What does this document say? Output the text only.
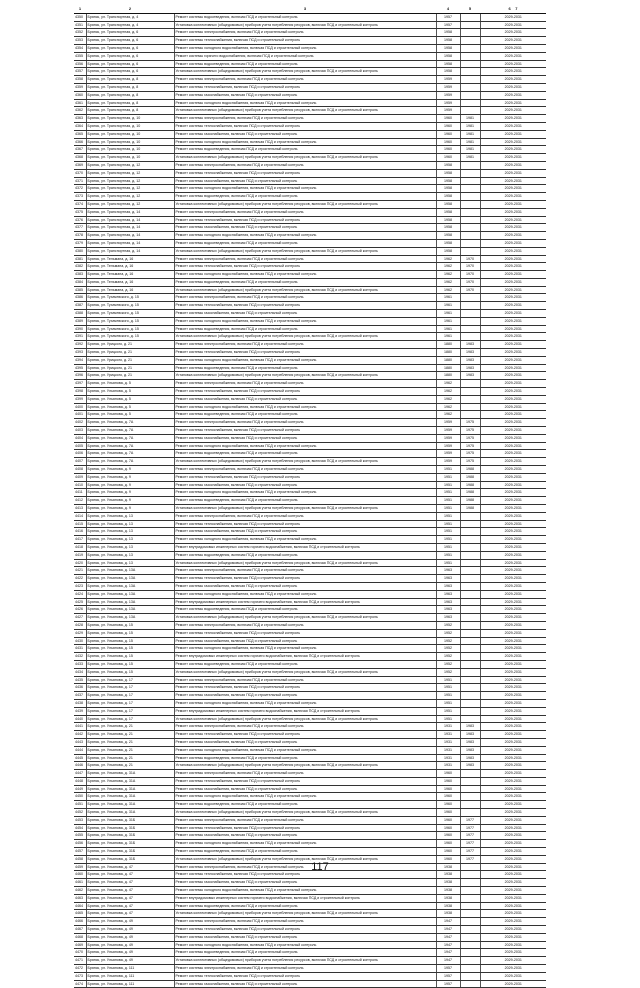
1	2	3	4	5	6 7
4350	Брянск, ул. Транспортная, д. 4	Ремонт системы водоотведения, включая ПСД и строительный контроль	1957		2029-2031
4351	Брянск, ул. Транспортная, д. 4	Установка коллективных (общедомовых) приборов учета потребления ресурсов, включая ПСД и строительный контроль	1957		2029-2031
4352	Брянск, ул. Транспортная, д. 6	Ремонт системы электроснабжения, включая ПСД и строительный контроль	1958		2029-2031
4353	Брянск, ул. Транспортная, д. 6	Ремонт системы теплоснабжения, включая ПСД и строительный контроль	1958		2029-2031
4354	Брянск, ул. Транспортная, д. 6	Ремонт системы холодного водоснабжения, включая ПСД и строительный контроль	1958		2029-2031
4355	Брянск, ул. Транспортная, д. 6	Ремонт системы горячего водоснабжения, включая ПСД и строительный контроль	1958		2029-2031
4356	Брянск, ул. Транспортная, д. 6	Ремонт системы водоотведения, включая ПСД и строительный контроль	1958		2029-2031
4357	Брянск, ул. Транспортная, д. 6	Установка коллективных (общедомовых) приборов учета потребления ресурсов, включая ПСД и строительный контроль	1958		2029-2031
4358	Брянск, ул. Транспортная, д. 8	Ремонт системы электроснабжения, включая ПСД и строительный контроль	1959		2029-2031
4359	Брянск, ул. Транспортная, д. 8	Ремонт системы теплоснабжения, включая ПСД и строительный контроль	1959		2029-2031
4360	Брянск, ул. Транспортная, д. 8	Ремонт системы газоснабжения, включая ПСД и строительный контроль	1959		2029-2031
4361	Брянск, ул. Транспортная, д. 8	Ремонт системы холодного водоснабжения, включая ПСД и строительный контроль	1959		2029-2031
4362	Брянск, ул. Транспортная, д. 8	Установка коллективных (общедомовых) приборов учета потребления ресурсов, включая ПСД и строительный контроль	1959		2029-2031
4363	Брянск, ул. Транспортная, д. 10	Ремонт системы электроснабжения, включая ПСД и строительный контроль	1960	1981	2029-2031
4364	Брянск, ул. Транспортная, д. 10	Ремонт системы теплоснабжения, включая ПСД и строительный контроль	1960	1981	2029-2031
4365	Брянск, ул. Транспортная, д. 10	Ремонт системы газоснабжения, включая ПСД и строительный контроль	1960	1981	2029-2031
4366	Брянск, ул. Транспортная, д. 10	Ремонт системы холодного водоснабжения, включая ПСД и строительный контроль	1960	1981	2029-2031
4367	Брянск, ул. Транспортная, д. 10	Ремонт системы водоотведения, включая ПСД и строительный контроль	1960	1981	2029-2031
4368	Брянск, ул. Транспортная, д. 10	Установка коллективных (общедомовых) приборов учета потребления ресурсов, включая ПСД и строительный контроль	1960	1981	2029-2031
4369	Брянск, ул. Транспортная, д. 12	Ремонт системы электроснабжения, включая ПСД и строительный контроль	1958		2029-2031
4370	Брянск, ул. Транспортная, д. 12	Ремонт системы теплоснабжения, включая ПСД и строительный контроль	1958		2029-2031
4371	Брянск, ул. Транспортная, д. 12	Ремонт системы газоснабжения, включая ПСД и строительный контроль	1958		2029-2031
4372	Брянск, ул. Транспортная, д. 12	Ремонт системы холодного водоснабжения, включая ПСД и строительный контроль	1958		2029-2031
4373	Брянск, ул. Транспортная, д. 12	Ремонт системы водоотведения, включая ПСД и строительный контроль	1958		2029-2031
4374	Брянск, ул. Транспортная, д. 12	Установка коллективных (общедомовых) приборов учета потребления ресурсов, включая ПСД и строительный контроль	1958		2029-2031
4375	Брянск, ул. Транспортная, д. 14	Ремонт системы электроснабжения, включая ПСД и строительный контроль	1958		2029-2031
4376	Брянск, ул. Транспортная, д. 14	Ремонт системы теплоснабжения, включая ПСД и строительный контроль	1958		2029-2031
4377	Брянск, ул. Транспортная, д. 14	Ремонт системы газоснабжения, включая ПСД и строительный контроль	1958		2029-2031
4378	Брянск, ул. Транспортная, д. 14	Ремонт системы холодного водоснабжения, включая ПСД и строительный контроль	1958		2029-2031
4379	Брянск, ул. Транспортная, д. 14	Ремонт системы водоотведения, включая ПСД и строительный контроль	1958		2029-2031
4380	Брянск, ул. Транспортная, д. 14	Установка коллективных (общедомовых) приборов учета потребления ресурсов, включая ПСД и строительный контроль	1958		2029-2031
4381	Брянск, ул. Тельмана, д. 16	Ремонт системы электроснабжения, включая ПСД и строительный контроль	1962	1970	2029-2031
4382	Брянск, ул. Тельмана, д. 16	Ремонт системы теплоснабжения, включая ПСД и строительный контроль	1962	1970	2029-2031
4383	Брянск, ул. Тельмана, д. 16	Ремонт системы холодного водоснабжения, включая ПСД и строительный контроль	1962	1970	2029-2031
4384	Брянск, ул. Тельмана, д. 16	Ремонт системы водоотведения, включая ПСД и строительный контроль	1962	1970	2029-2031
4385	Брянск, ул. Тельмана, д. 16	Установка коллективных (общедомовых) приборов учета потребления ресурсов, включая ПСД и строительный контроль	1962	1970	2029-2031
4386	Брянск, ул. Тухачевского, д. 15	Ремонт системы электроснабжения, включая ПСД и строительный контроль	1961		2029-2031
4387	Брянск, ул. Тухачевского, д. 15	Ремонт системы теплоснабжения, включая ПСД и строительный контроль	1961		2029-2031
4388	Брянск, ул. Тухачевского, д. 15	Ремонт системы газоснабжения, включая ПСД и строительный контроль	1961		2029-2031
4389	Брянск, ул. Тухачевского, д. 15	Ремонт системы холодного водоснабжения, включая ПСД и строительный контроль	1961		2029-2031
4390	Брянск, ул. Тухачевского, д. 15	Ремонт системы водоотведения, включая ПСД и строительный контроль	1961		2029-2031
4391	Брянск, ул. Тухачевского, д. 15	Установка коллективных (общедомовых) приборов учета потребления ресурсов, включая ПСД и строительный контроль	1961		2029-2031
4392	Брянск, ул. Урицкого, д. 21	Ремонт системы электроснабжения, включая ПСД и строительный контроль	1880	1983	2029-2031
4393	Брянск, ул. Урицкого, д. 21	Ремонт системы теплоснабжения, включая ПСД и строительный контроль	1880	1983	2029-2031
4394	Брянск, ул. Урицкого, д. 21	Ремонт системы холодного водоснабжения, включая ПСД и строительный контроль	1880	1983	2029-2031
4395	Брянск, ул. Урицкого, д. 21	Ремонт системы водоотведения, включая ПСД и строительный контроль	1880	1983	2029-2031
4396	Брянск, ул. Урицкого, д. 21	Установка коллективных (общедомовых) приборов учета потребления ресурсов, включая ПСД и строительный контроль	1880	1983	2029-2031
4397	Брянск, ул. Ульянова, д. 5	Ремонт системы электроснабжения, включая ПСД и строительный контроль	1962		2029-2031
4398	Брянск, ул. Ульянова, д. 5	Ремонт системы теплоснабжения, включая ПСД и строительный контроль	1962		2029-2031
4399	Брянск, ул. Ульянова, д. 5	Ремонт системы газоснабжения, включая ПСД и строительный контроль	1962		2029-2031
4400	Брянск, ул. Ульянова, д. 5	Ремонт системы холодного водоснабжения, включая ПСД и строительный контроль	1962		2029-2031
4401	Брянск, ул. Ульянова, д. 5	Ремонт системы водоотведения, включая ПСД и строительный контроль	1962		2029-2031
4402	Брянск, ул. Ульянова, д. 7А	Ремонт системы электроснабжения, включая ПСД и строительный контроль	1959	1975	2029-2031
4403	Брянск, ул. Ульянова, д. 7А	Ремонт системы теплоснабжения, включая ПСД и строительный контроль	1959	1975	2029-2031
4404	Брянск, ул. Ульянова, д. 7А	Ремонт системы газоснабжения, включая ПСД и строительный контроль	1959	1975	2029-2031
4405	Брянск, ул. Ульянова, д. 7А	Ремонт системы холодного водоснабжения, включая ПСД и строительный контроль	1959	1975	2029-2031
4406	Брянск, ул. Ульянова, д. 7А	Ремонт системы водоотведения, включая ПСД и строительный контроль	1959	1975	2029-2031
4407	Брянск, ул. Ульянова, д. 7А	Установка коллективных (общедомовых) приборов учета потребления ресурсов, включая ПСД и строительный контроль	1959	1975	2029-2031
4408	Брянск, ул. Ульянова, д. 9	Ремонт системы электроснабжения, включая ПСД и строительный контроль	1951	1988	2029-2031
4409	Брянск, ул. Ульянова, д. 9	Ремонт системы теплоснабжения, включая ПСД и строительный контроль	1951	1988	2029-2031
4410	Брянск, ул. Ульянова, д. 9	Ремонт системы газоснабжения, включая ПСД и строительный контроль	1951	1988	2029-2031
4411	Брянск, ул. Ульянова, д. 9	Ремонт системы холодного водоснабжения, включая ПСД и строительный контроль	1951	1988	2029-2031
4412	Брянск, ул. Ульянова, д. 9	Ремонт системы водоотведения, включая ПСД и строительный контроль	1951	1988	2029-2031
4413	Брянск, ул. Ульянова, д. 9	Установка коллективных (общедомовых) приборов учета потребления ресурсов, включая ПСД и строительный контроль	1951	1988	2029-2031
4414	Брянск, ул. Ульянова, д. 13	Ремонт системы электроснабжения, включая ПСД и строительный контроль	1951		2029-2031
4415	Брянск, ул. Ульянова, д. 13	Ремонт системы теплоснабжения, включая ПСД и строительный контроль	1951		2029-2031
4416	Брянск, ул. Ульянова, д. 13	Ремонт системы газоснабжения, включая ПСД и строительный контроль	1951		2029-2031
4417	Брянск, ул. Ульянова, д. 13	Ремонт системы холодного водоснабжения, включая ПСД и строительный контроль	1951		2029-2031
4418	Брянск, ул. Ульянова, д. 13	Ремонт внутридомовых инженерных систем горячего водоснабжения, включая ПСД и строительный контроль	1951		2029-2031
4419	Брянск, ул. Ульянова, д. 13	Ремонт системы водоотведения, включая ПСД и строительный контроль	1951		2029-2031
4420	Брянск, ул. Ульянова, д. 13	Установка коллективных (общедомовых) приборов учета потребления ресурсов, включая ПСД и строительный контроль	1951		2029-2031
4421	Брянск, ул. Ульянова, д. 13А	Ремонт системы электроснабжения, включая ПСД и строительный контроль	1963		2029-2031
4422	Брянск, ул. Ульянова, д. 13А	Ремонт системы теплоснабжения, включая ПСД и строительный контроль	1963		2029-2031
4423	Брянск, ул. Ульянова, д. 13А	Ремонт системы газоснабжения, включая ПСД и строительный контроль	1963		2029-2031
4424	Брянск, ул. Ульянова, д. 13А	Ремонт системы холодного водоснабжения, включая ПСД и строительный контроль	1963		2029-2031
4425	Брянск, ул. Ульянова, д. 13А	Ремонт внутридомовых инженерных систем горячего водоснабжения, включая ПСД и строительный контроль	1963		2029-2031
4426	Брянск, ул. Ульянова, д. 13А	Ремонт системы водоотведения, включая ПСД и строительный контроль	1963		2029-2031
4427	Брянск, ул. Ульянова, д. 13А	Установка коллективных (общедомовых) приборов учета потребления ресурсов, включая ПСД и строительный контроль	1963		2029-2031
4428	Брянск, ул. Ульянова, д. 15	Ремонт системы электроснабжения, включая ПСД и строительный контроль	1952		2029-2031
4429	Брянск, ул. Ульянова, д. 15	Ремонт системы теплоснабжения, включая ПСД и строительный контроль	1952		2029-2031
4430	Брянск, ул. Ульянова, д. 15	Ремонт системы газоснабжения, включая ПСД и строительный контроль	1952		2029-2031
4431	Брянск, ул. Ульянова, д. 15	Ремонт системы холодного водоснабжения, включая ПСД и строительный контроль	1952		2029-2031
4432	Брянск, ул. Ульянова, д. 15	Ремонт внутридомовых инженерных систем горячего водоснабжения, включая ПСД и строительный контроль	1952		2029-2031
4433	Брянск, ул. Ульянова, д. 15	Ремонт системы водоотведения, включая ПСД и строительный контроль	1952		2029-2031
4434	Брянск, ул. Ульянова, д. 15	Установка коллективных (общедомовых) приборов учета потребления ресурсов, включая ПСД и строительный контроль	1952		2029-2031
4435	Брянск, ул. Ульянова, д. 17	Ремонт системы электроснабжения, включая ПСД и строительный контроль	1951		2029-2031
4436	Брянск, ул. Ульянова, д. 17	Ремонт системы теплоснабжения, включая ПСД и строительный контроль	1951		2029-2031
4437	Брянск, ул. Ульянова, д. 17	Ремонт системы газоснабжения, включая ПСД и строительный контроль	1951		2029-2031
4438	Брянск, ул. Ульянова, д. 17	Ремонт системы холодного водоснабжения, включая ПСД и строительный контроль	1951		2029-2031
4439	Брянск, ул. Ульянова, д. 17	Ремонт внутридомовых инженерных систем горячего водоснабжения, включая ПСД и строительный контроль	1951		2029-2031
4440	Брянск, ул. Ульянова, д. 17	Установка коллективных (общедомовых) приборов учета потребления ресурсов, включая ПСД и строительный контроль	1951		2029-2031
4441	Брянск, ул. Ульянова, д. 21	Ремонт системы электроснабжения, включая ПСД и строительный контроль	1931	1983	2029-2031
4442	Брянск, ул. Ульянова, д. 21	Ремонт системы теплоснабжения, включая ПСД и строительный контроль	1931	1983	2029-2031
4443	Брянск, ул. Ульянова, д. 21	Ремонт системы газоснабжения, включая ПСД и строительный контроль	1931	1983	2029-2031
4444	Брянск, ул. Ульянова, д. 21	Ремонт системы холодного водоснабжения, включая ПСД и строительный контроль	1931	1983	2029-2031
4445	Брянск, ул. Ульянова, д. 21	Ремонт системы водоотведения, включая ПСД и строительный контроль	1931	1983	2029-2031
4446	Брянск, ул. Ульянова, д. 21	Установка коллективных (общедомовых) приборов учета потребления ресурсов, включая ПСД и строительный контроль	1931	1983	2029-2031
4447	Брянск, ул. Ульянова, д. 31А	Ремонт системы электроснабжения, включая ПСД и строительный контроль	1960		2029-2031
4448	Брянск, ул. Ульянова, д. 31А	Ремонт системы теплоснабжения, включая ПСД и строительный контроль	1960		2029-2031
4449	Брянск, ул. Ульянова, д. 31А	Ремонт системы газоснабжения, включая ПСД и строительный контроль	1960		2029-2031
4450	Брянск, ул. Ульянова, д. 31А	Ремонт системы холодного водоснабжения, включая ПСД и строительный контроль	1960		2029-2031
4451	Брянск, ул. Ульянова, д. 31А	Ремонт системы водоотведения, включая ПСД и строительный контроль	1960		2029-2031
4452	Брянск, ул. Ульянова, д. 31А	Установка коллективных (общедомовых) приборов учета потребления ресурсов, включая ПСД и строительный контроль	1960		2029-2031
4453	Брянск, ул. Ульянова, д. 31Б	Ремонт системы электроснабжения, включая ПСД и строительный контроль	1960	1977	2029-2031
4454	Брянск, ул. Ульянова, д. 31Б	Ремонт системы теплоснабжения, включая ПСД и строительный контроль	1960	1977	2029-2031
4455	Брянск, ул. Ульянова, д. 31Б	Ремонт системы газоснабжения, включая ПСД и строительный контроль	1960	1977	2029-2031
4456	Брянск, ул. Ульянова, д. 31Б	Ремонт системы холодного водоснабжения, включая ПСД и строительный контроль	1960	1977	2029-2031
4457	Брянск, ул. Ульянова, д. 31Б	Ремонт системы водоотведения, включая ПСД и строительный контроль	1960	1977	2029-2031
4458	Брянск, ул. Ульянова, д. 31Б	Установка коллективных (общедомовых) приборов учета потребления ресурсов, включая ПСД и строительный контроль	1960	1977	2029-2031
4459	Брянск, ул. Ульянова, д. 47	Ремонт системы электроснабжения, включая ПСД и строительный контроль	1938		2029-2031
4460	Брянск, ул. Ульянова, д. 47	Ремонт системы теплоснабжения, включая ПСД и строительный контроль	1938		2029-2031
4461	Брянск, ул. Ульянова, д. 47	Ремонт системы газоснабжения, включая ПСД и строительный контроль	1938		2029-2031
4462	Брянск, ул. Ульянова, д. 47	Ремонт системы холодного водоснабжения, включая ПСД и строительный контроль	1938		2029-2031
4463	Брянск, ул. Ульянова, д. 47	Ремонт внутридомовых инженерных систем горячего водоснабжения, включая ПСД и строительный контроль	1938		2029-2031
4464	Брянск, ул. Ульянова, д. 47	Ремонт системы водоотведения, включая ПСД и строительный контроль	1938		2029-2031
4465	Брянск, ул. Ульянова, д. 47	Установка коллективных (общедомовых) приборов учета потребления ресурсов, включая ПСД и строительный контроль	1938		2029-2031
4466	Брянск, ул. Ульянова, д. 49	Ремонт системы электроснабжения, включая ПСД и строительный контроль	1947		2029-2031
4467	Брянск, ул. Ульянова, д. 49	Ремонт системы теплоснабжения, включая ПСД и строительный контроль	1947		2029-2031
4468	Брянск, ул. Ульянова, д. 49	Ремонт системы газоснабжения, включая ПСД и строительный контроль	1947		2029-2031
4469	Брянск, ул. Ульянова, д. 49	Ремонт системы холодного водоснабжения, включая ПСД и строительный контроль	1947		2029-2031
4470	Брянск, ул. Ульянова, д. 49	Ремонт системы водоотведения, включая ПСД и строительный контроль	1947		2029-2031
4471	Брянск, ул. Ульянова, д. 49	Установка коллективных (общедомовых) приборов учета потребления ресурсов, включая ПСД и строительный контроль	1947		2029-2031
4472	Брянск, ул. Ульянова, д. 111	Ремонт системы электроснабжения, включая ПСД и строительный контроль	1957		2029-2031
4473	Брянск, ул. Ульянова, д. 111	Ремонт системы теплоснабжения, включая ПСД и строительный контроль	1957		2029-2031
4474	Брянск, ул. Ульянова, д. 111	Ремонт системы газоснабжения, включая ПСД и строительный контроль	1957		2029-2031
117
